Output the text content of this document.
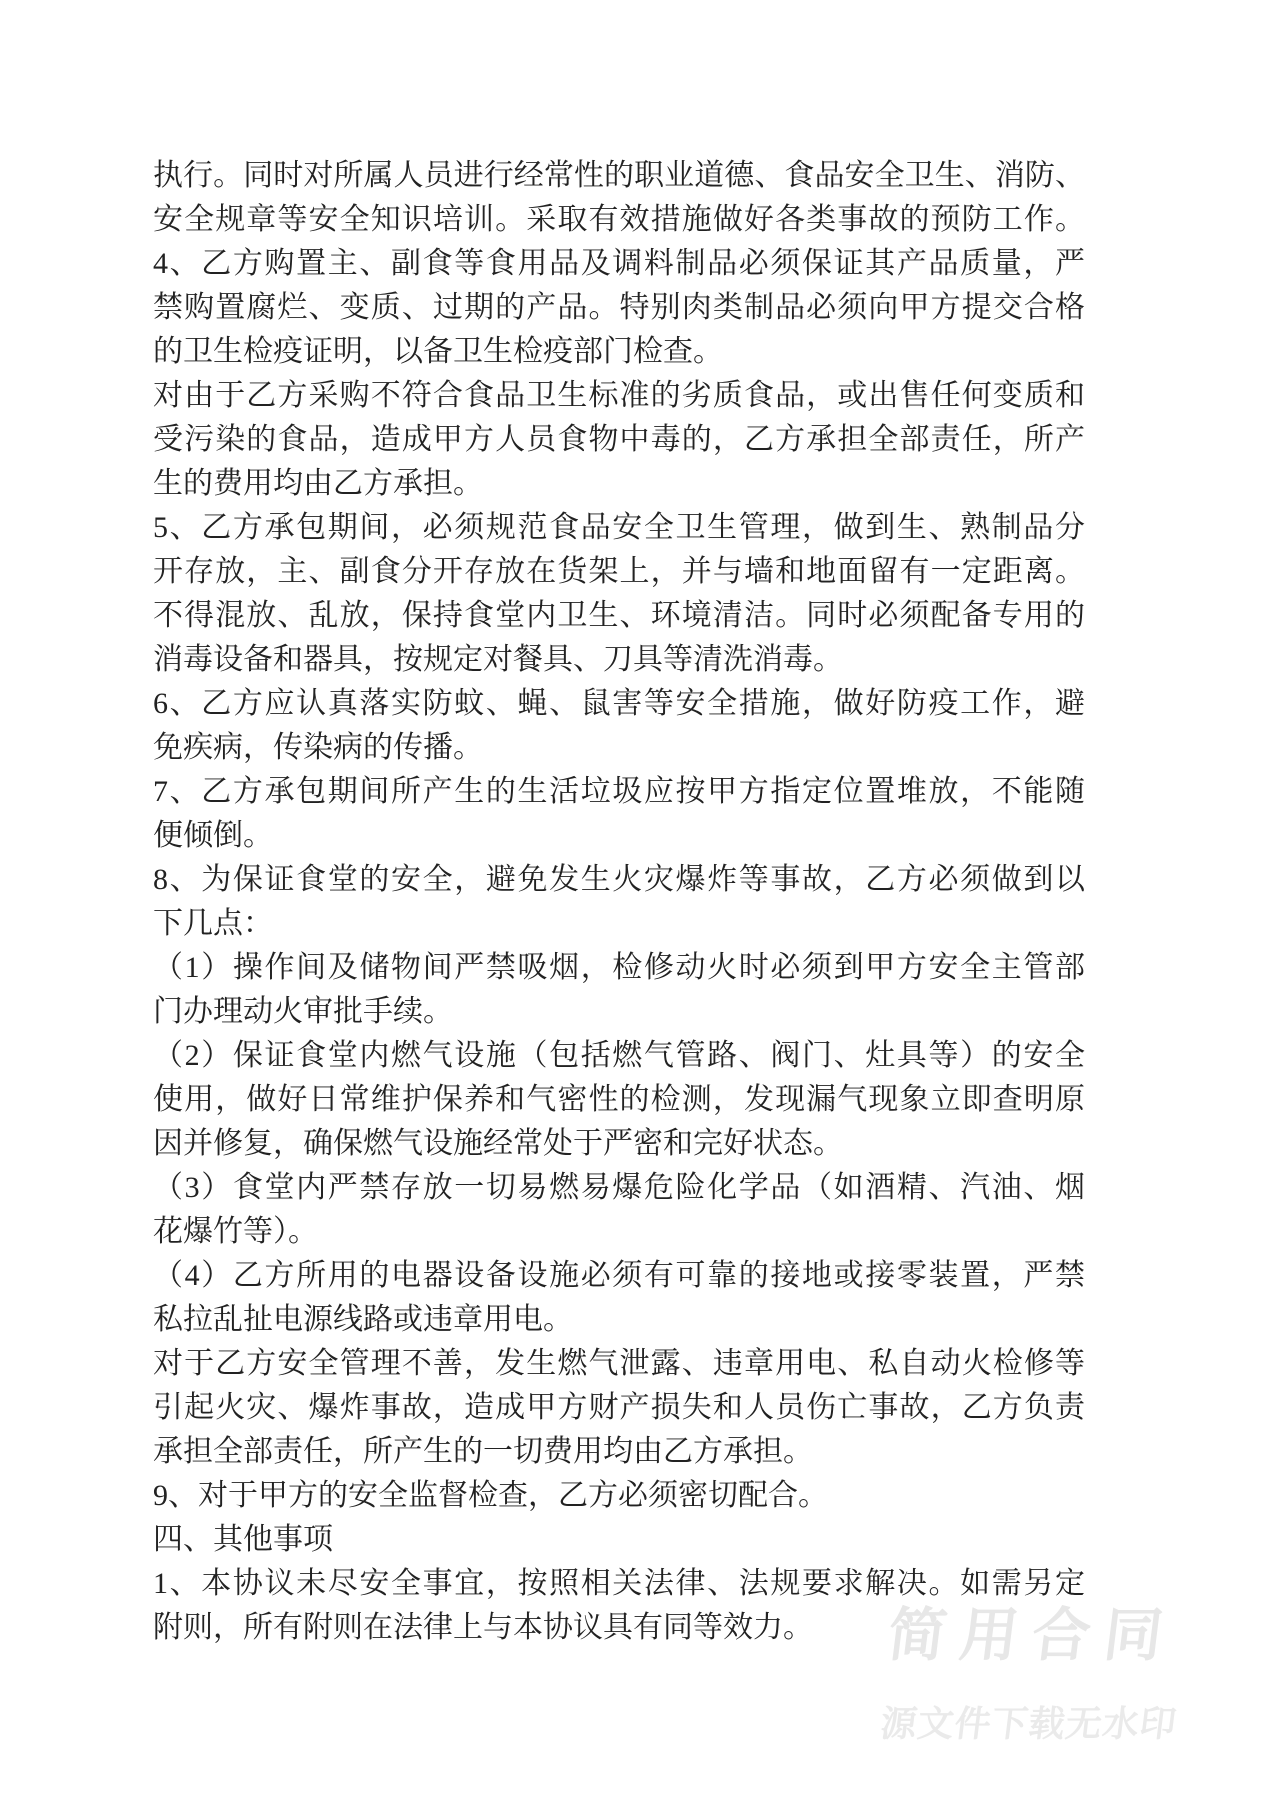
执行。同时对所属人员进行经常性的职业道德、食品安全卫生、消防、
安全规章等安全知识培训。采取有效措施做好各类事故的预防工作。
4、乙方购置主、副食等食用品及调料制品必须保证其产品质量，严
禁购置腐烂、变质、过期的产品。特别肉类制品必须向甲方提交合格
的卫生检疫证明，以备卫生检疫部门检查。
对由于乙方采购不符合食品卫生标准的劣质食品，或出售任何变质和
受污染的食品，造成甲方人员食物中毒的，乙方承担全部责任，所产
生的费用均由乙方承担。
5、乙方承包期间，必须规范食品安全卫生管理，做到生、熟制品分
开存放，主、副食分开存放在货架上，并与墙和地面留有一定距离。
不得混放、乱放，保持食堂内卫生、环境清洁。同时必须配备专用的
消毒设备和器具，按规定对餐具、刀具等清洗消毒。
6、乙方应认真落实防蚊、蝇、鼠害等安全措施，做好防疫工作，避
免疾病，传染病的传播。
7、乙方承包期间所产生的生活垃圾应按甲方指定位置堆放，不能随
便倾倒。
8、为保证食堂的安全，避免发生火灾爆炸等事故，乙方必须做到以
下几点：
（1）操作间及储物间严禁吸烟，检修动火时必须到甲方安全主管部
门办理动火审批手续。
（2）保证食堂内燃气设施（包括燃气管路、阀门、灶具等）的安全
使用，做好日常维护保养和气密性的检测，发现漏气现象立即查明原
因并修复，确保燃气设施经常处于严密和完好状态。
（3）食堂内严禁存放一切易燃易爆危险化学品（如酒精、汽油、烟
花爆竹等）。
（4）乙方所用的电器设备设施必须有可靠的接地或接零装置，严禁
私拉乱扯电源线路或违章用电。
对于乙方安全管理不善，发生燃气泄露、违章用电、私自动火检修等
引起火灾、爆炸事故，造成甲方财产损失和人员伤亡事故，乙方负责
承担全部责任，所产生的一切费用均由乙方承担。
9、对于甲方的安全监督检查，乙方必须密切配合。
四、其他事项
1、本协议未尽安全事宜，按照相关法律、法规要求解决。如需另定
附则，所有附则在法律上与本协议具有同等效力。	简用合同
源文件下载无水印
